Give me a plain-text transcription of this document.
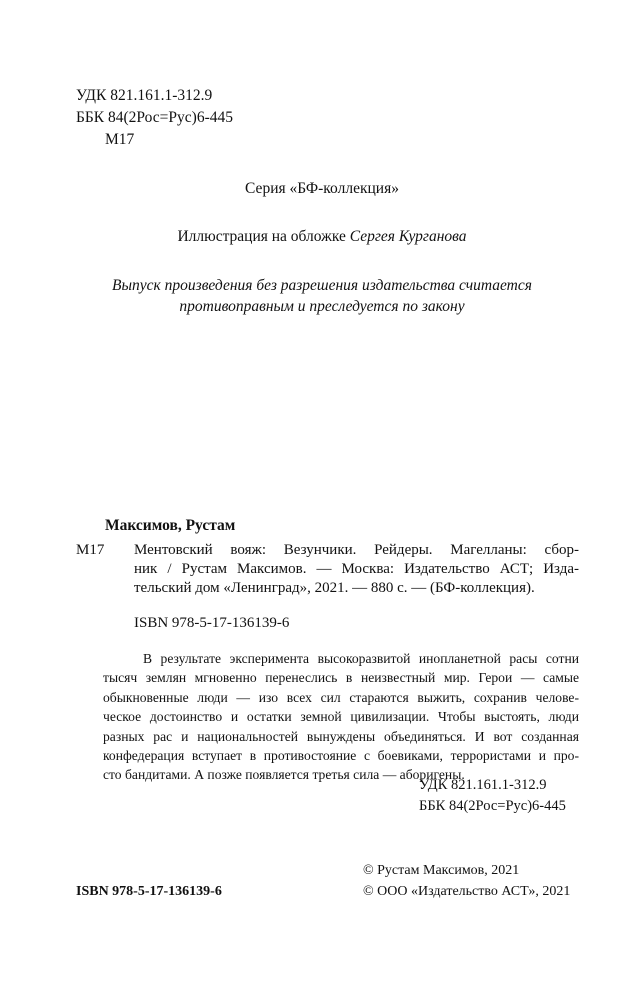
УДК 821.161.1-312.9
ББК 84(2Рос=Рус)6-445
М17
Серия «БФ-коллекция»
Иллюстрация на обложке Сергея Курганова
Выпуск произведения без разрешения издательства считается
противоправным и преследуется по закону
Максимов, Рустам
М17 Ментовский вояж: Везунчики. Рейдеры. Магелланы: сбор-
ник / Рустам Максимов. — Москва: Издательство АСТ; Изда-
тельский дом «Ленинград», 2021. — 880 с. — (БФ-коллекция).
ISBN 978-5-17-136139-6
В результате эксперимента высокоразвитой инопланетной расы сотни
тысяч землян мгновенно перенеслись в неизвестный мир. Герои — самые
обыкновенные люди — изо всех сил стараются выжить, сохранив челове-
ческое достоинство и остатки земной цивилизации. Чтобы выстоять, люди
разных рас и национальностей вынуждены объединяться. И вот созданная
конфедерация вступает в противостояние с боевиками, террористами и про-
сто бандитами. А позже появляется третья сила — аборигены.
УДК 821.161.1-312.9
ББК 84(2Рос=Рус)6-445
© Рустам Максимов, 2021
ISBN 978-5-17-136139-6	© ООО «Издательство АСТ», 2021
